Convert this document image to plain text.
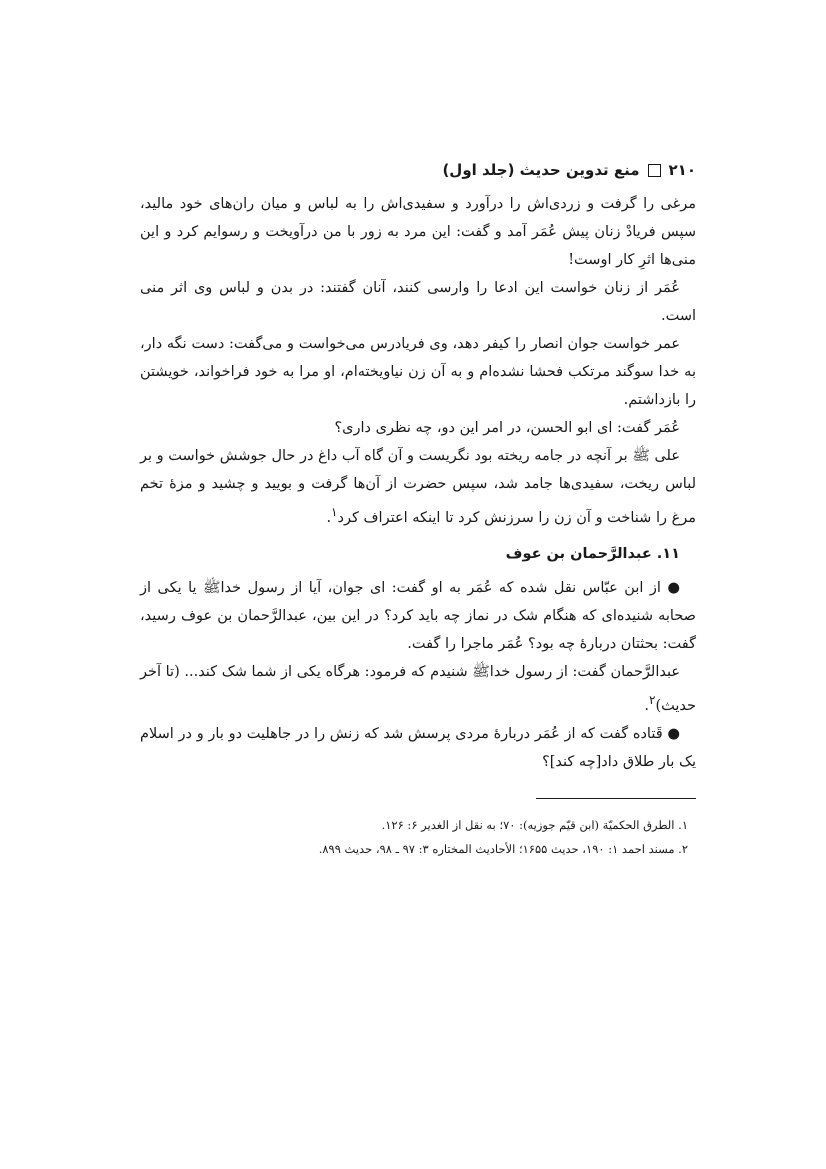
۲۱۰
منع تدوین حدیث (جلد اول)

مرغی را گرفت و زردی‌اش را درآورد و سفیدی‌اش را به لباس و میان ران‌های خود مالید، سپس فریادْ زنان پیش عُمَر آمد و گفت: این مرد به زور با من درآویخت و رسوایم کرد و این منی‌ها اثرِ کار اوست!

عُمَر از زنان خواست این ادعا را وارسی کنند، آنان گفتند: در بدن و لباس وی اثر منی است.

عمر خواست جوان انصار را کیفر دهد، وی فریادرس می‌خواست و می‌گفت: دست نگه دار، به خدا سوگند مرتکب فحشا نشده‌ام و به آن زن نیاویخته‌ام، او مرا به خود فراخواند، خویشتن را بازداشتم.

عُمَر گفت: ای ابو الحسن، در امر این دو، چه نظری داری؟

علی ﷺ بر آنچه در جامه ریخته بود نگریست و آن گاه آب داغ در حال جوشش خواست و بر لباس ریخت، سفیدی‌ها جامد شد، سپس حضرت از آن‌ها گرفت و بویید و چشید و مزهٔ تخم مرغ را شناخت و آن زن را سرزنش کرد تا اینکه اعتراف کرد$^۱$.

۱۱. عبدالرَّحمان بن عوف

● از ابن عبّاس نقل شده که عُمَر به او گفت: ای جوان، آیا از رسول خداﷺ یا یکی از صحابه شنیده‌ای که هنگام شک در نماز چه باید کرد؟ در این بین، عبدالرَّحمان بن عوف رسید، گفت: بحثتان دربارهٔ چه بود؟ عُمَر ماجرا را گفت.

عبدالرَّحمان گفت: از رسول خداﷺ شنیدم که فرمود: هرگاه یکی از شما شک کند... (تا آخر حدیث)$^۲$.

● قَتاده گفت که از عُمَر دربارهٔ مردی پرسش شد که زنش را در جاهلیت دو بار و در اسلام یک بار طلاق داد[چه کند]؟

۱. الطرق الحکمیّة (ابن قیّم جوزیه): ۷۰؛ به نقل از الغدیر ۶: ۱۲۶.

۲. مسند احمد ۱: ۱۹۰، حدیث ۱۶۵۵؛ الأحادیث المختاره ۳: ۹۷ ـ ۹۸، حدیث ۸۹۹.
